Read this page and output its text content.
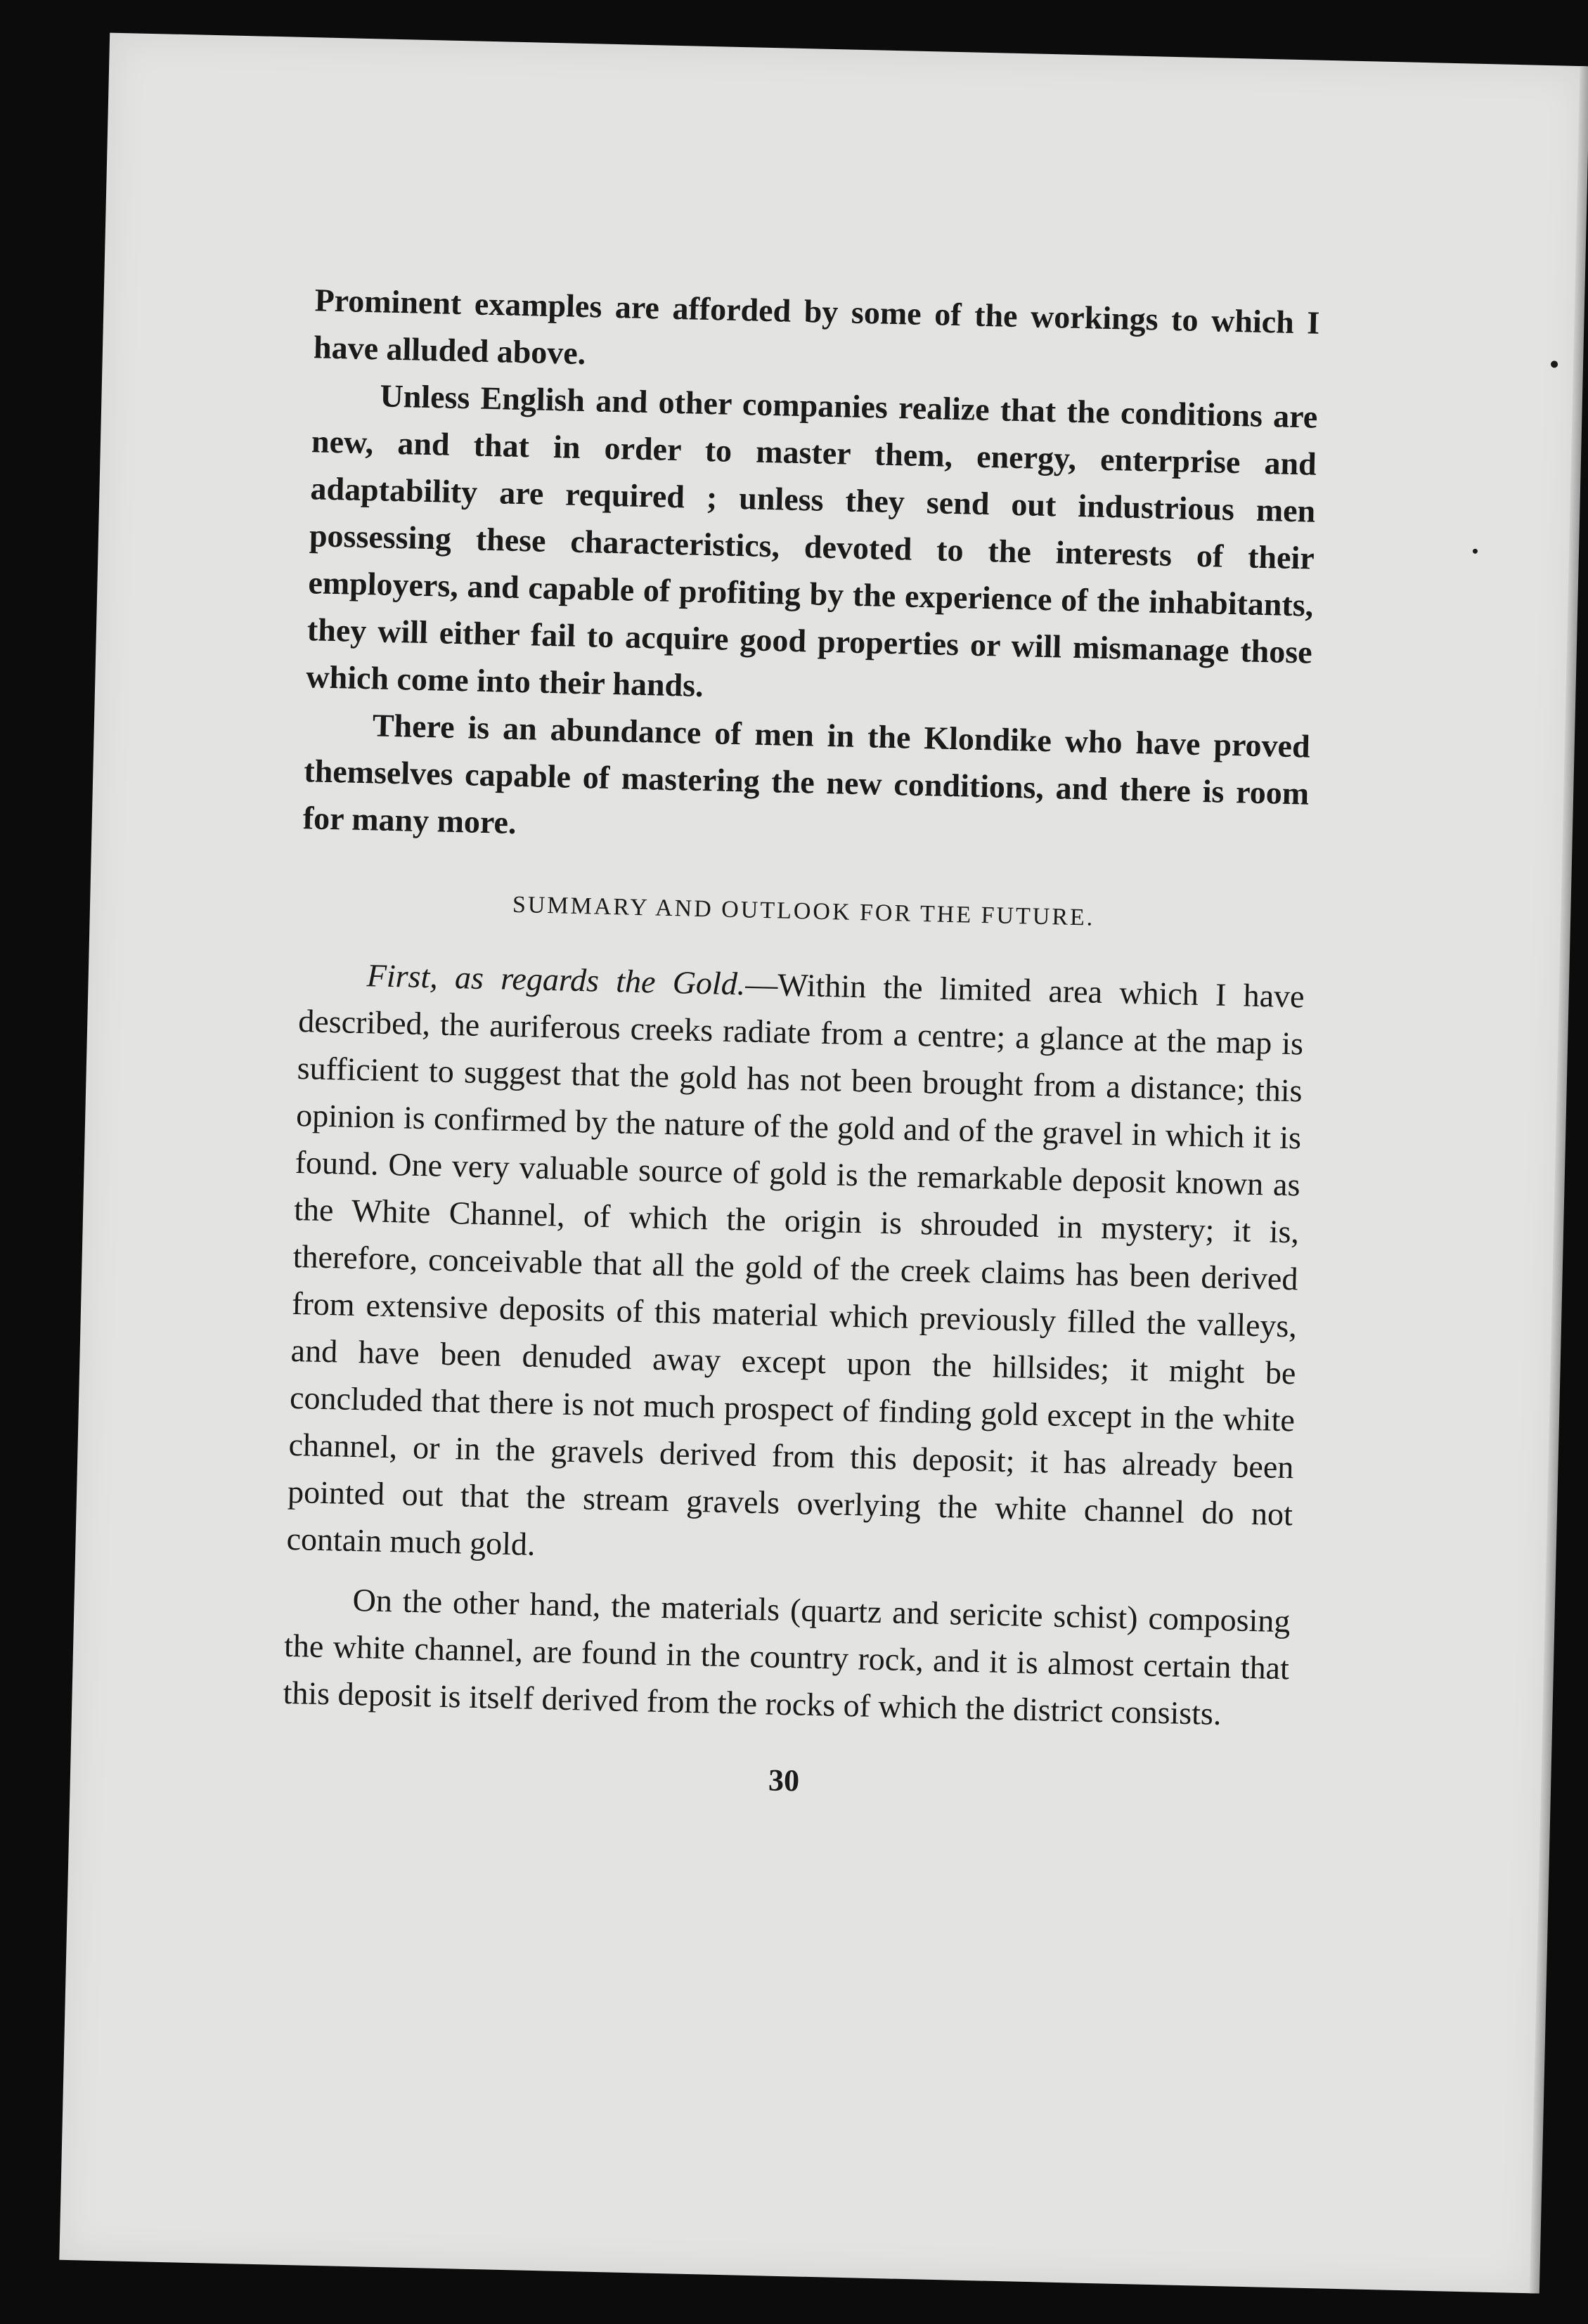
Prominent examples are afforded by some of the workings to which I have alluded above.

Unless English and other companies realize that the conditions are new, and that in order to master them, energy, enterprise and adaptability are required ; unless they send out industrious men possessing these characteristics, devoted to the interests of their employers, and capable of profiting by the experience of the inhabitants, they will either fail to acquire good properties or will mismanage those which come into their hands.

There is an abundance of men in the Klondike who have proved themselves capable of mastering the new conditions, and there is room for many more.

SUMMARY AND OUTLOOK FOR THE FUTURE.

First, as regards the Gold.—Within the limited area which I have described, the auriferous creeks radiate from a centre; a glance at the map is sufficient to suggest that the gold has not been brought from a distance; this opinion is confirmed by the nature of the gold and of the gravel in which it is found. One very valuable source of gold is the remarkable deposit known as the White Channel, of which the origin is shrouded in mystery; it is, therefore, conceivable that all the gold of the creek claims has been derived from extensive deposits of this material which previously filled the valleys, and have been denuded away except upon the hillsides; it might be concluded that there is not much prospect of finding gold except in the white channel, or in the gravels derived from this deposit; it has already been pointed out that the stream gravels overlying the white channel do not contain much gold.

On the other hand, the materials (quartz and sericite schist) composing the white channel, are found in the country rock, and it is almost certain that this deposit is itself derived from the rocks of which the district consists.

30
